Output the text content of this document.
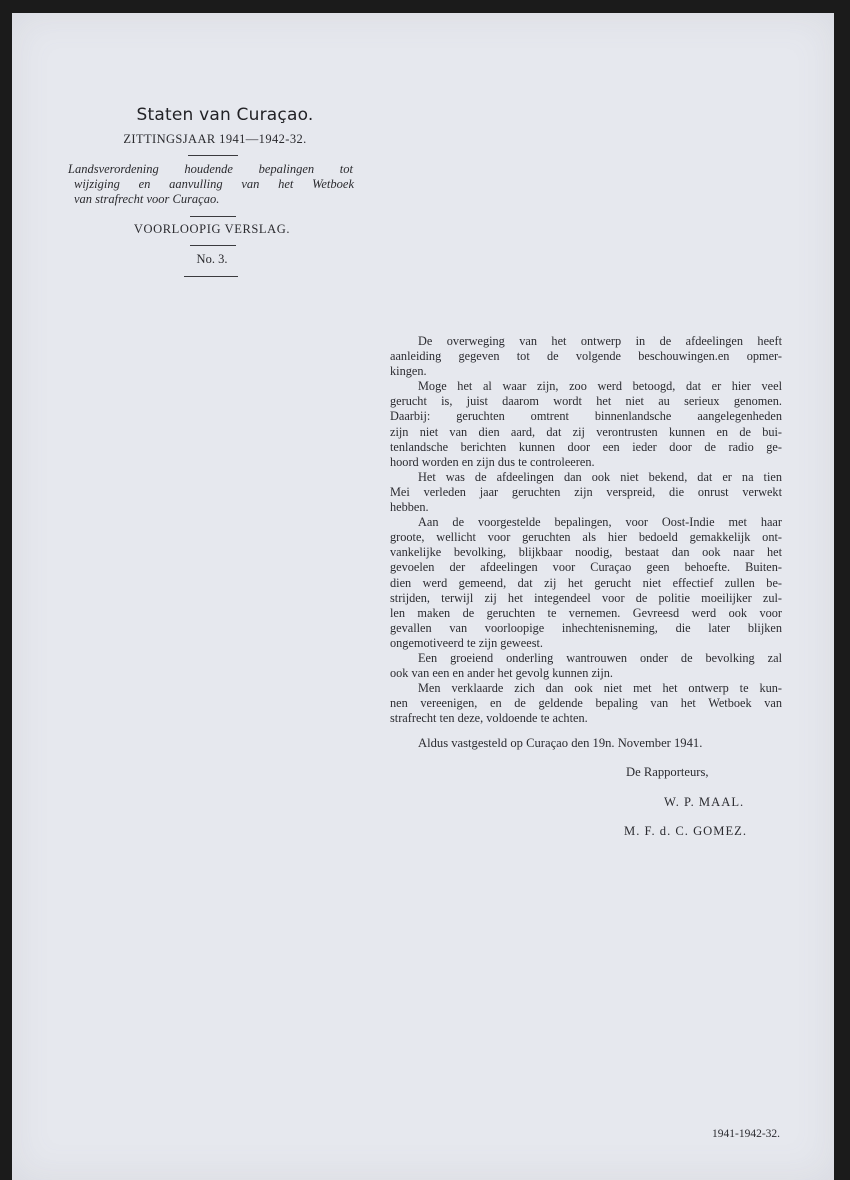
Staten van Curaçao.
ZITTINGSJAAR 1941—1942-32.
Landsverordening houdende bepalingen tot
wijziging en aanvulling van het Wetboek
van strafrecht voor Curaçao.
VOORLOOPIG VERSLAG.
No. 3.
De overweging van het ontwerp in de afdeelingen heeft
aanleiding gegeven tot de volgende beschouwingen.en opmer-
kingen.
Moge het al waar zijn, zoo werd betoogd, dat er hier veel
gerucht is, juist daarom wordt het niet au serieux genomen.
Daarbij: geruchten omtrent binnenlandsche aangelegenheden
zijn niet van dien aard, dat zij verontrusten kunnen en de bui-
tenlandsche berichten kunnen door een ieder door de radio ge-
hoord worden en zijn dus te controleeren.
Het was de afdeelingen dan ook niet bekend, dat er na tien
Mei verleden jaar geruchten zijn verspreid, die onrust verwekt
hebben.
Aan de voorgestelde bepalingen, voor Oost-Indie met haar
groote, wellicht voor geruchten als hier bedoeld gemakkelijk ont-
vankelijke bevolking, blijkbaar noodig, bestaat dan ook naar het
gevoelen der afdeelingen voor Curaçao geen behoefte. Buiten-
dien werd gemeend, dat zij het gerucht niet effectief zullen be-
strijden, terwijl zij het integendeel voor de politie moeilijker zul-
len maken de geruchten te vernemen. Gevreesd werd ook voor
gevallen van voorloopige inhechtenisneming, die later blijken
ongemotiveerd te zijn geweest.
Een groeiend onderling wantrouwen onder de bevolking zal
ook van een en ander het gevolg kunnen zijn.
Men verklaarde zich dan ook niet met het ontwerp te kun-
nen vereenigen, en de geldende bepaling van het Wetboek van
strafrecht ten deze, voldoende te achten.
Aldus vastgesteld op Curaçao den 19n. November 1941.
De Rapporteurs,
W. P. MAAL.
M. F. d. C. GOMEZ.
1941-1942-32.
